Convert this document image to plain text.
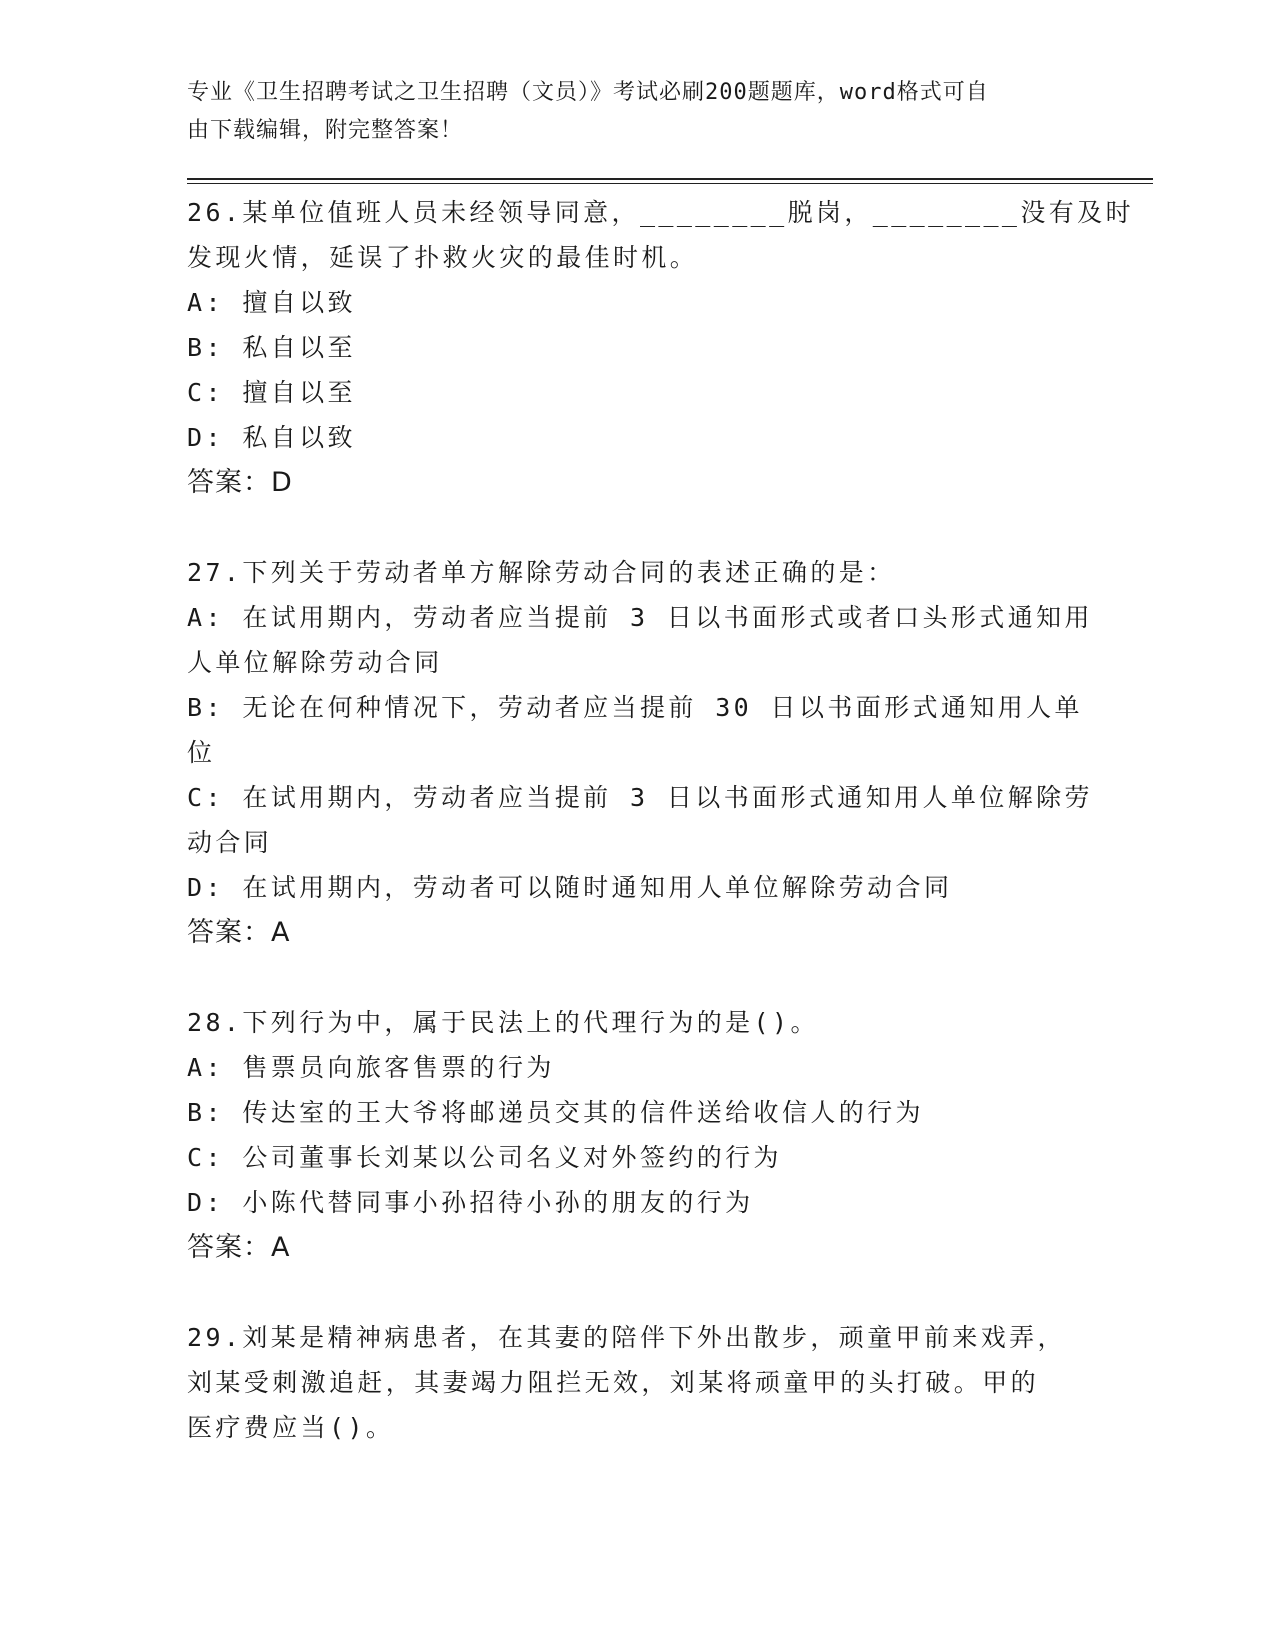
专业《卫生招聘考试之卫生招聘（文员）》考试必刷200题题库，word格式可自
由下载编辑，附完整答案！
26.某单位值班人员未经领导同意，________脱岗，________没有及时
发现火情，延误了扑救火灾的最佳时机。
A: 擅自以致
B: 私自以至
C: 擅自以至
D: 私自以致
答案：D
27.下列关于劳动者单方解除劳动合同的表述正确的是：
A: 在试用期内，劳动者应当提前 3 日以书面形式或者口头形式通知用
人单位解除劳动合同
B: 无论在何种情况下，劳动者应当提前 30 日以书面形式通知用人单
位
C: 在试用期内，劳动者应当提前 3 日以书面形式通知用人单位解除劳
动合同
D: 在试用期内，劳动者可以随时通知用人单位解除劳动合同
答案：A
28.下列行为中，属于民法上的代理行为的是()。
A: 售票员向旅客售票的行为
B: 传达室的王大爷将邮递员交其的信件送给收信人的行为
C: 公司董事长刘某以公司名义对外签约的行为
D: 小陈代替同事小孙招待小孙的朋友的行为
答案：A
29.刘某是精神病患者，在其妻的陪伴下外出散步，顽童甲前来戏弄，
刘某受刺激追赶，其妻竭力阻拦无效，刘某将顽童甲的头打破。甲的
医疗费应当()。
